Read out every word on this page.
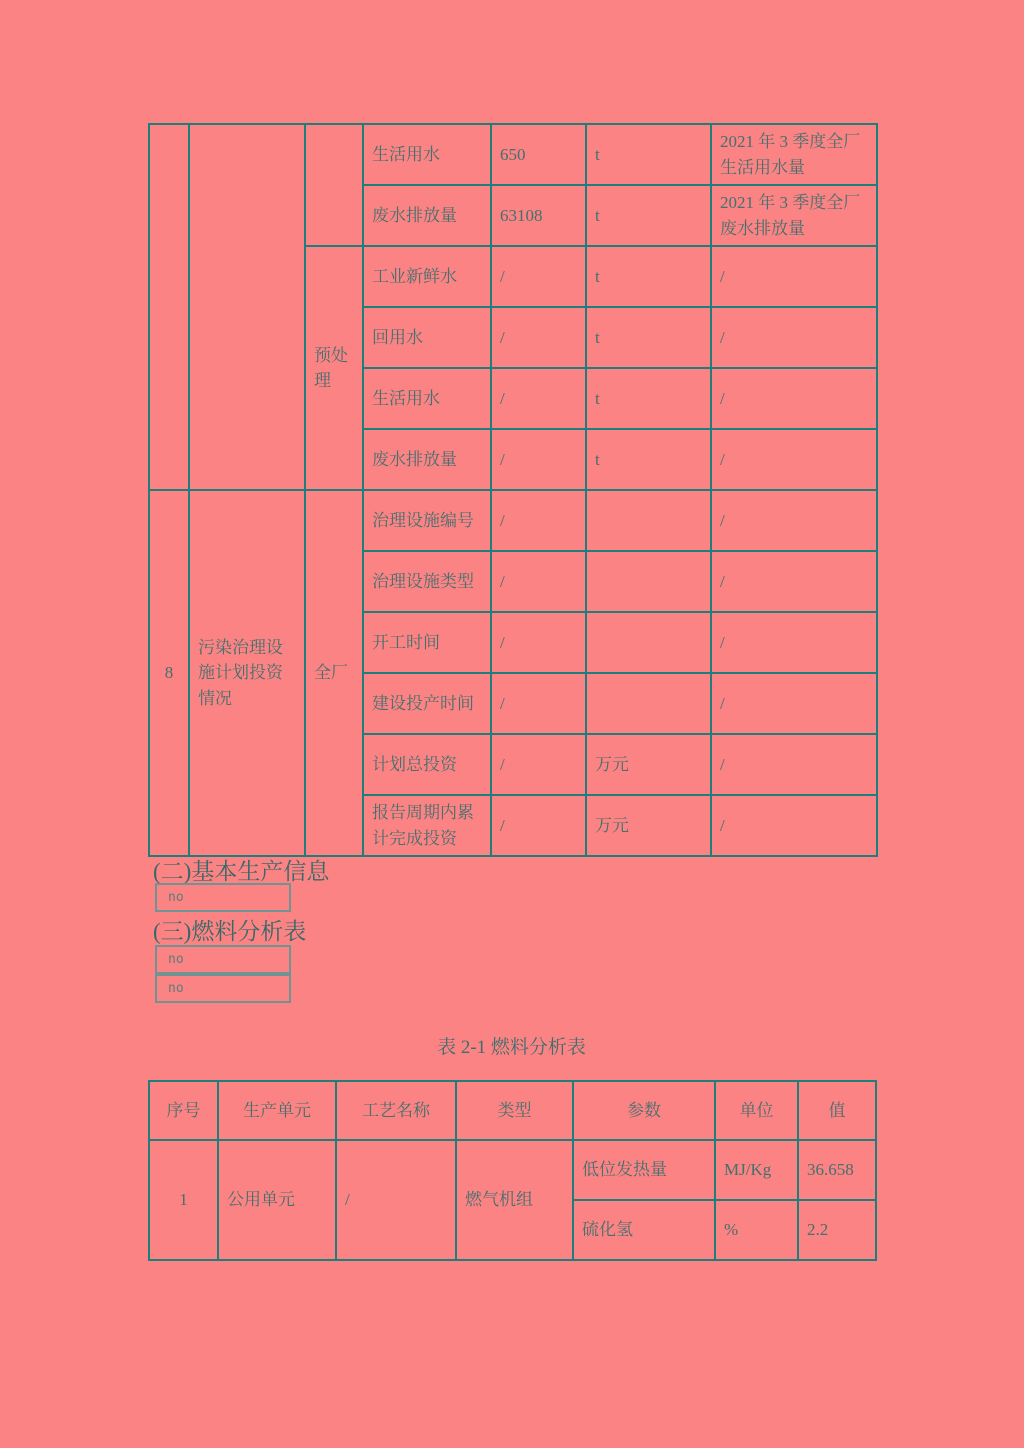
			生活用水	650	t	2021 年 3 季度全厂生活用水量
			废水排放量	63108	t	2021 年 3 季度全厂废水排放量
		预处理	工业新鲜水	/	t	/
			回用水	/	t	/
			生活用水	/	t	/
			废水排放量	/	t	/
8	污染治理设施计划投资情况	全厂	治理设施编号	/		/
			治理设施类型	/		/
			开工时间	/		/
			建设投产时间	/		/
			计划总投资	/	万元	/
			报告周期内累计完成投资	/	万元	/
(二)基本生产信息
no
(三)燃料分析表
no
no
表 2-1 燃料分析表
序号	生产单元	工艺名称	类型	参数	单位	值
1	公用单元	/	燃气机组	低位发热量	MJ/Kg	36.658
				硫化氢	%	2.2
